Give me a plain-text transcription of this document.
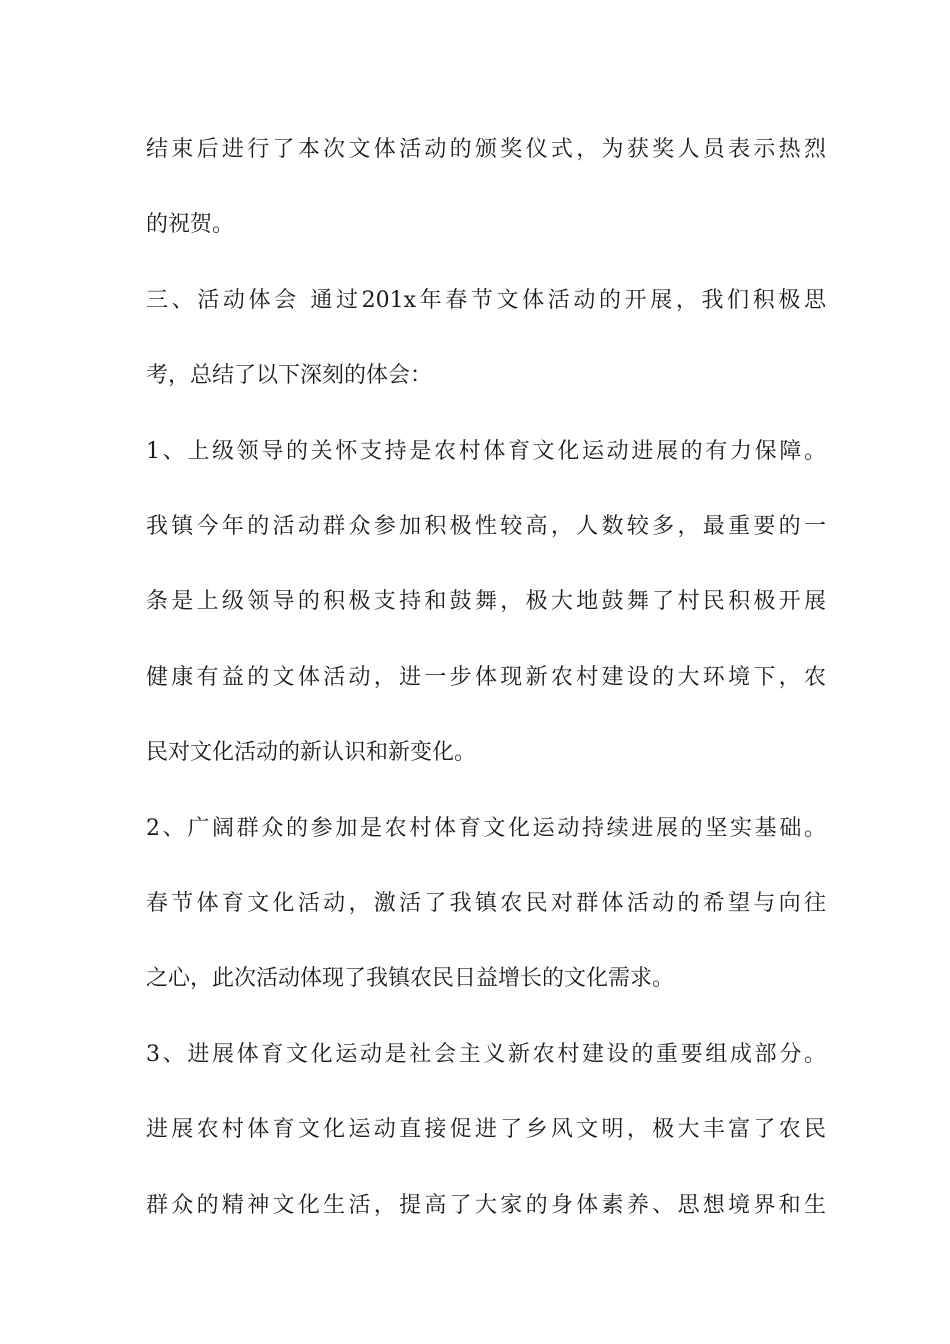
结束后进行了本次文体活动的颁奖仪式，为获奖人员表示热烈
的祝贺。
三、活动体会 通过201x年春节文体活动的开展，我们积极思
考，总结了以下深刻的体会：
1、上级领导的关怀支持是农村体育文化运动进展的有力保障。
我镇今年的活动群众参加积极性较高，人数较多，最重要的一
条是上级领导的积极支持和鼓舞，极大地鼓舞了村民积极开展
健康有益的文体活动，进一步体现新农村建设的大环境下，农
民对文化活动的新认识和新变化。
2、广阔群众的参加是农村体育文化运动持续进展的坚实基础。
春节体育文化活动，激活了我镇农民对群体活动的希望与向往
之心，此次活动体现了我镇农民日益增长的文化需求。
3、进展体育文化运动是社会主义新农村建设的重要组成部分。
进展农村体育文化运动直接促进了乡风文明，极大丰富了农民
群众的精神文化生活，提高了大家的身体素养、思想境界和生
